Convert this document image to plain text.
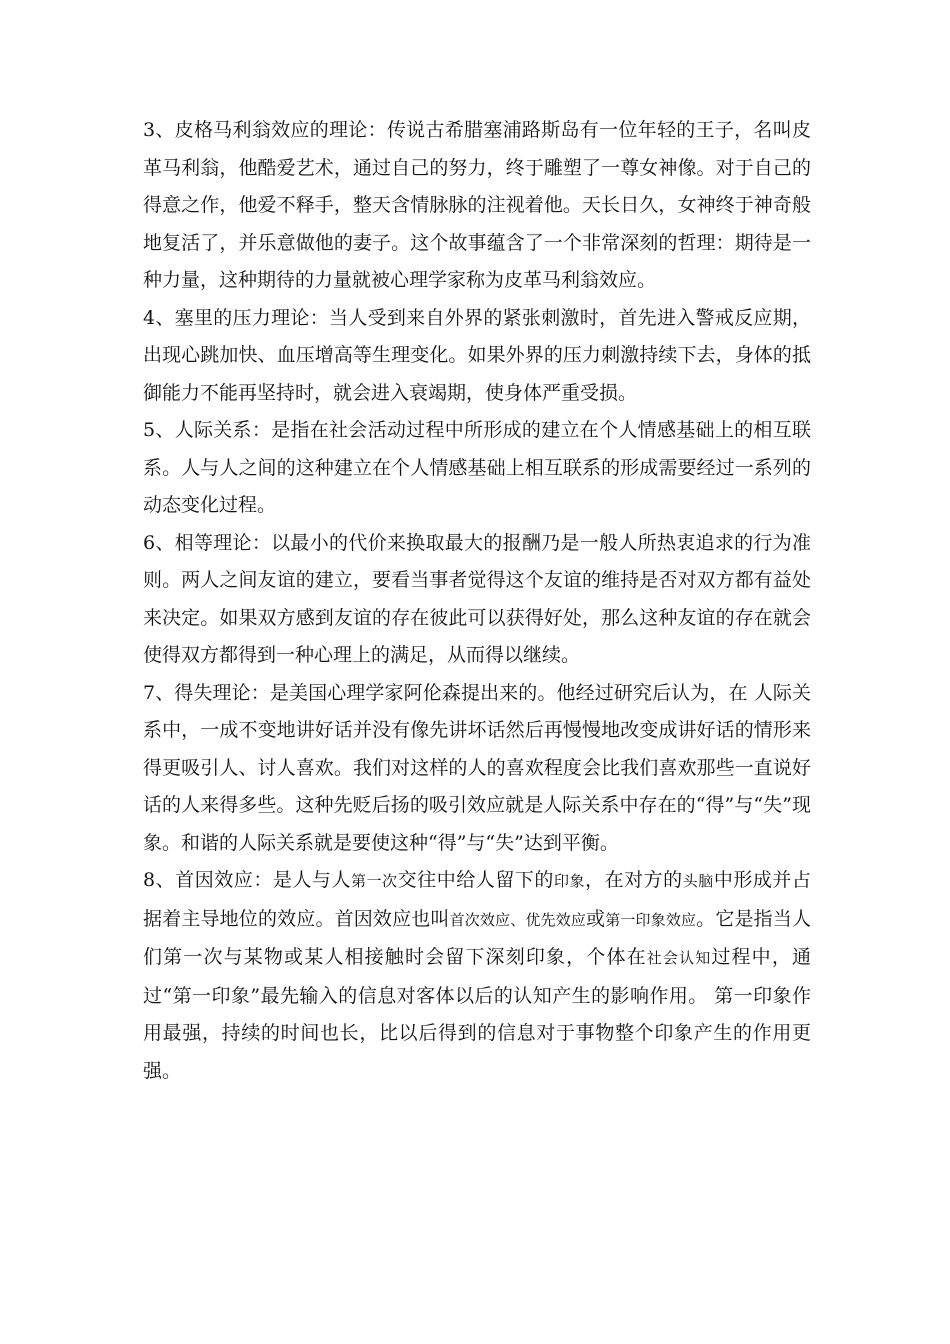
3、皮格马利翁效应的理论：传说古希腊塞浦路斯岛有一位年轻的王子，名叫皮革马利翁，他酷爱艺术，通过自己的努力，终于雕塑了一尊女神像。对于自己的得意之作，他爱不释手，整天含情脉脉的注视着他。天长日久，女神终于神奇般地复活了，并乐意做他的妻子。这个故事蕴含了一个非常深刻的哲理：期待是一种力量，这种期待的力量就被心理学家称为皮革马利翁效应。

4、塞里的压力理论：当人受到来自外界的紧张刺激时，首先进入警戒反应期，出现心跳加快、血压增高等生理变化。如果外界的压力刺激持续下去，身体的抵御能力不能再坚持时，就会进入衰竭期，使身体严重受损。

5、人际关系：是指在社会活动过程中所形成的建立在个人情感基础上的相互联系。人与人之间的这种建立在个人情感基础上相互联系的形成需要经过一系列的动态变化过程。

6、相等理论：以最小的代价来换取最大的报酬乃是一般人所热衷追求的行为准则。两人之间友谊的建立，要看当事者觉得这个友谊的维持是否对双方都有益处来决定。如果双方感到友谊的存在彼此可以获得好处，那么这种友谊的存在就会使得双方都得到一种心理上的满足，从而得以继续。

7、得失理论：是美国心理学家阿伦森提出来的。他经过研究后认为，在 人际关系中，一成不变地讲好话并没有像先讲坏话然后再慢慢地改变成讲好话的情形来得更吸引人、讨人喜欢。我们对这样的人的喜欢程度会比我们喜欢那些一直说好话的人来得多些。这种先贬后扬的吸引效应就是人际关系中存在的“得”与“失”现象。和谐的人际关系就是要使这种“得”与“失”达到平衡。

8、首因效应：是人与人第一次交往中给人留下的印象，在对方的头脑中形成并占据着主导地位的效应。首因效应也叫首次效应、优先效应或第一印象效应。它是指当人们第一次与某物或某人相接触时会留下深刻印象，个体在社会认知过程中，通过“第一印象”最先输入的信息对客体以后的认知产生的影响作用。 第一印象作用最强，持续的时间也长，比以后得到的信息对于事物整个印象产生的作用更强。
